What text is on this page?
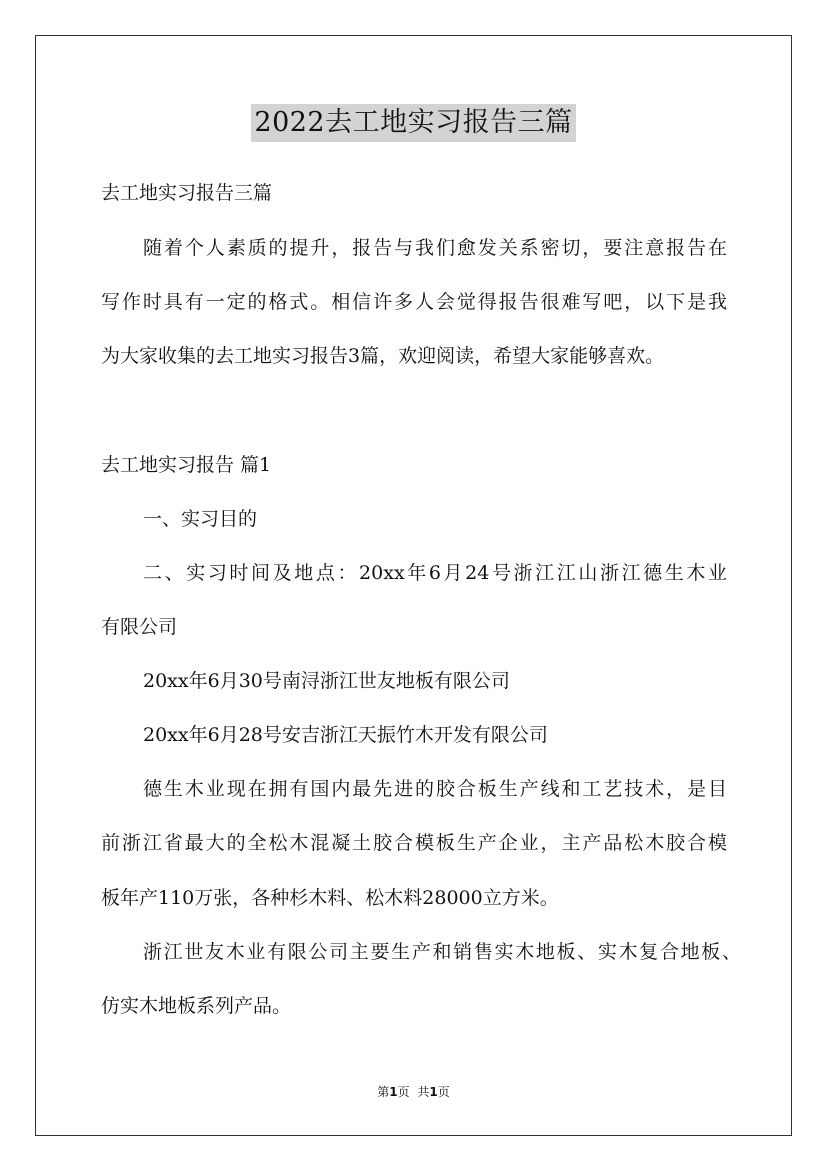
2022去工地实习报告三篇
去工地实习报告三篇
随着个人素质的提升，报告与我们愈发关系密切，要注意报告在
写作时具有一定的格式。相信许多人会觉得报告很难写吧，以下是我
为大家收集的去工地实习报告3篇，欢迎阅读，希望大家能够喜欢。
去工地实习报告 篇1
一、实习目的
二、实习时间及地点：20xx年6月24号浙江江山浙江德生木业
有限公司
20xx年6月30号南浔浙江世友地板有限公司
20xx年6月28号安吉浙江天振竹木开发有限公司
德生木业现在拥有国内最先进的胶合板生产线和工艺技术，是目
前浙江省最大的全松木混凝土胶合模板生产企业，主产品松木胶合模
板年产110万张，各种杉木料、松木料28000立方米。
浙江世友木业有限公司主要生产和销售实木地板、实木复合地板、
仿实木地板系列产品。
第1页 共1页
